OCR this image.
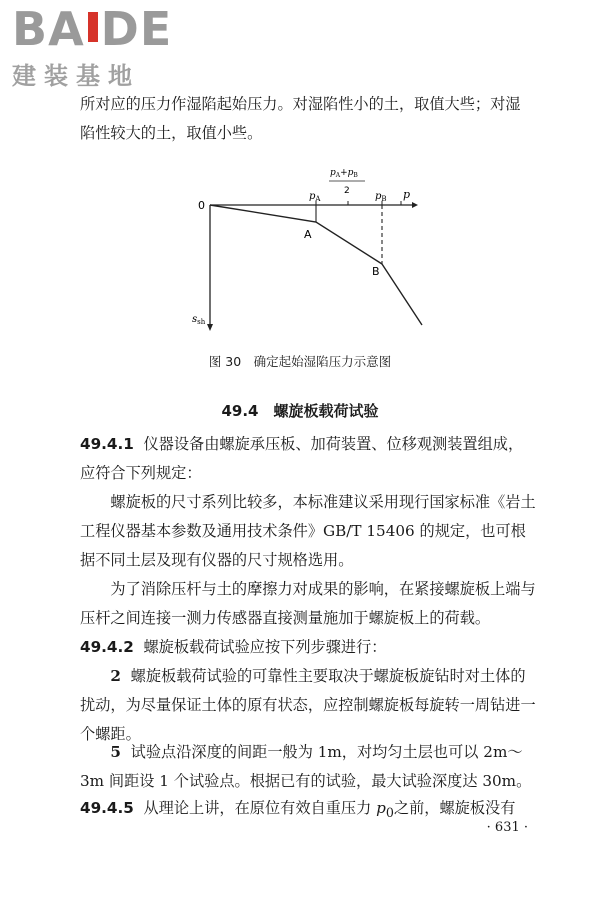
B A DE
建装基地
所对应的压力作湿陷起始压力。对湿陷性小的土，取值大些；对湿
陷性较大的土，取值小些。
0
p
$p_A$	$p_B$
$p_A+p_B$
2
A
B
$s_{sh}$
图 30　确定起始湿陷压力示意图
49.4　螺旋板载荷试验
49.4.1 仪器设备由螺旋承压板、加荷装置、位移观测装置组成，
应符合下列规定：
螺旋板的尺寸系列比较多，本标准建议采用现行国家标准《岩土工程仪器基本参数及通用技术条件》GB/T 15406 的规定，也可根据不同土层及现有仪器的尺寸规格选用。
为了消除压杆与土的摩擦力对成果的影响，在紧接螺旋板上端与压杆之间连接一测力传感器直接测量施加于螺旋板上的荷载。
49.4.2 螺旋板载荷试验应按下列步骤进行：
2 螺旋板载荷试验的可靠性主要取决于螺旋板旋钻时对土体的扰动，为尽量保证土体的原有状态，应控制螺旋板每旋转一周钻进一个螺距。
5 试验点沿深度的间距一般为 1m，对均匀土层也可以 2m～3m 间距设 1 个试验点。根据已有的试验，最大试验深度达 30m。
49.4.5 从理论上讲，在原位有效自重压力 $p_0$之前，螺旋板没有
· 631 ·
